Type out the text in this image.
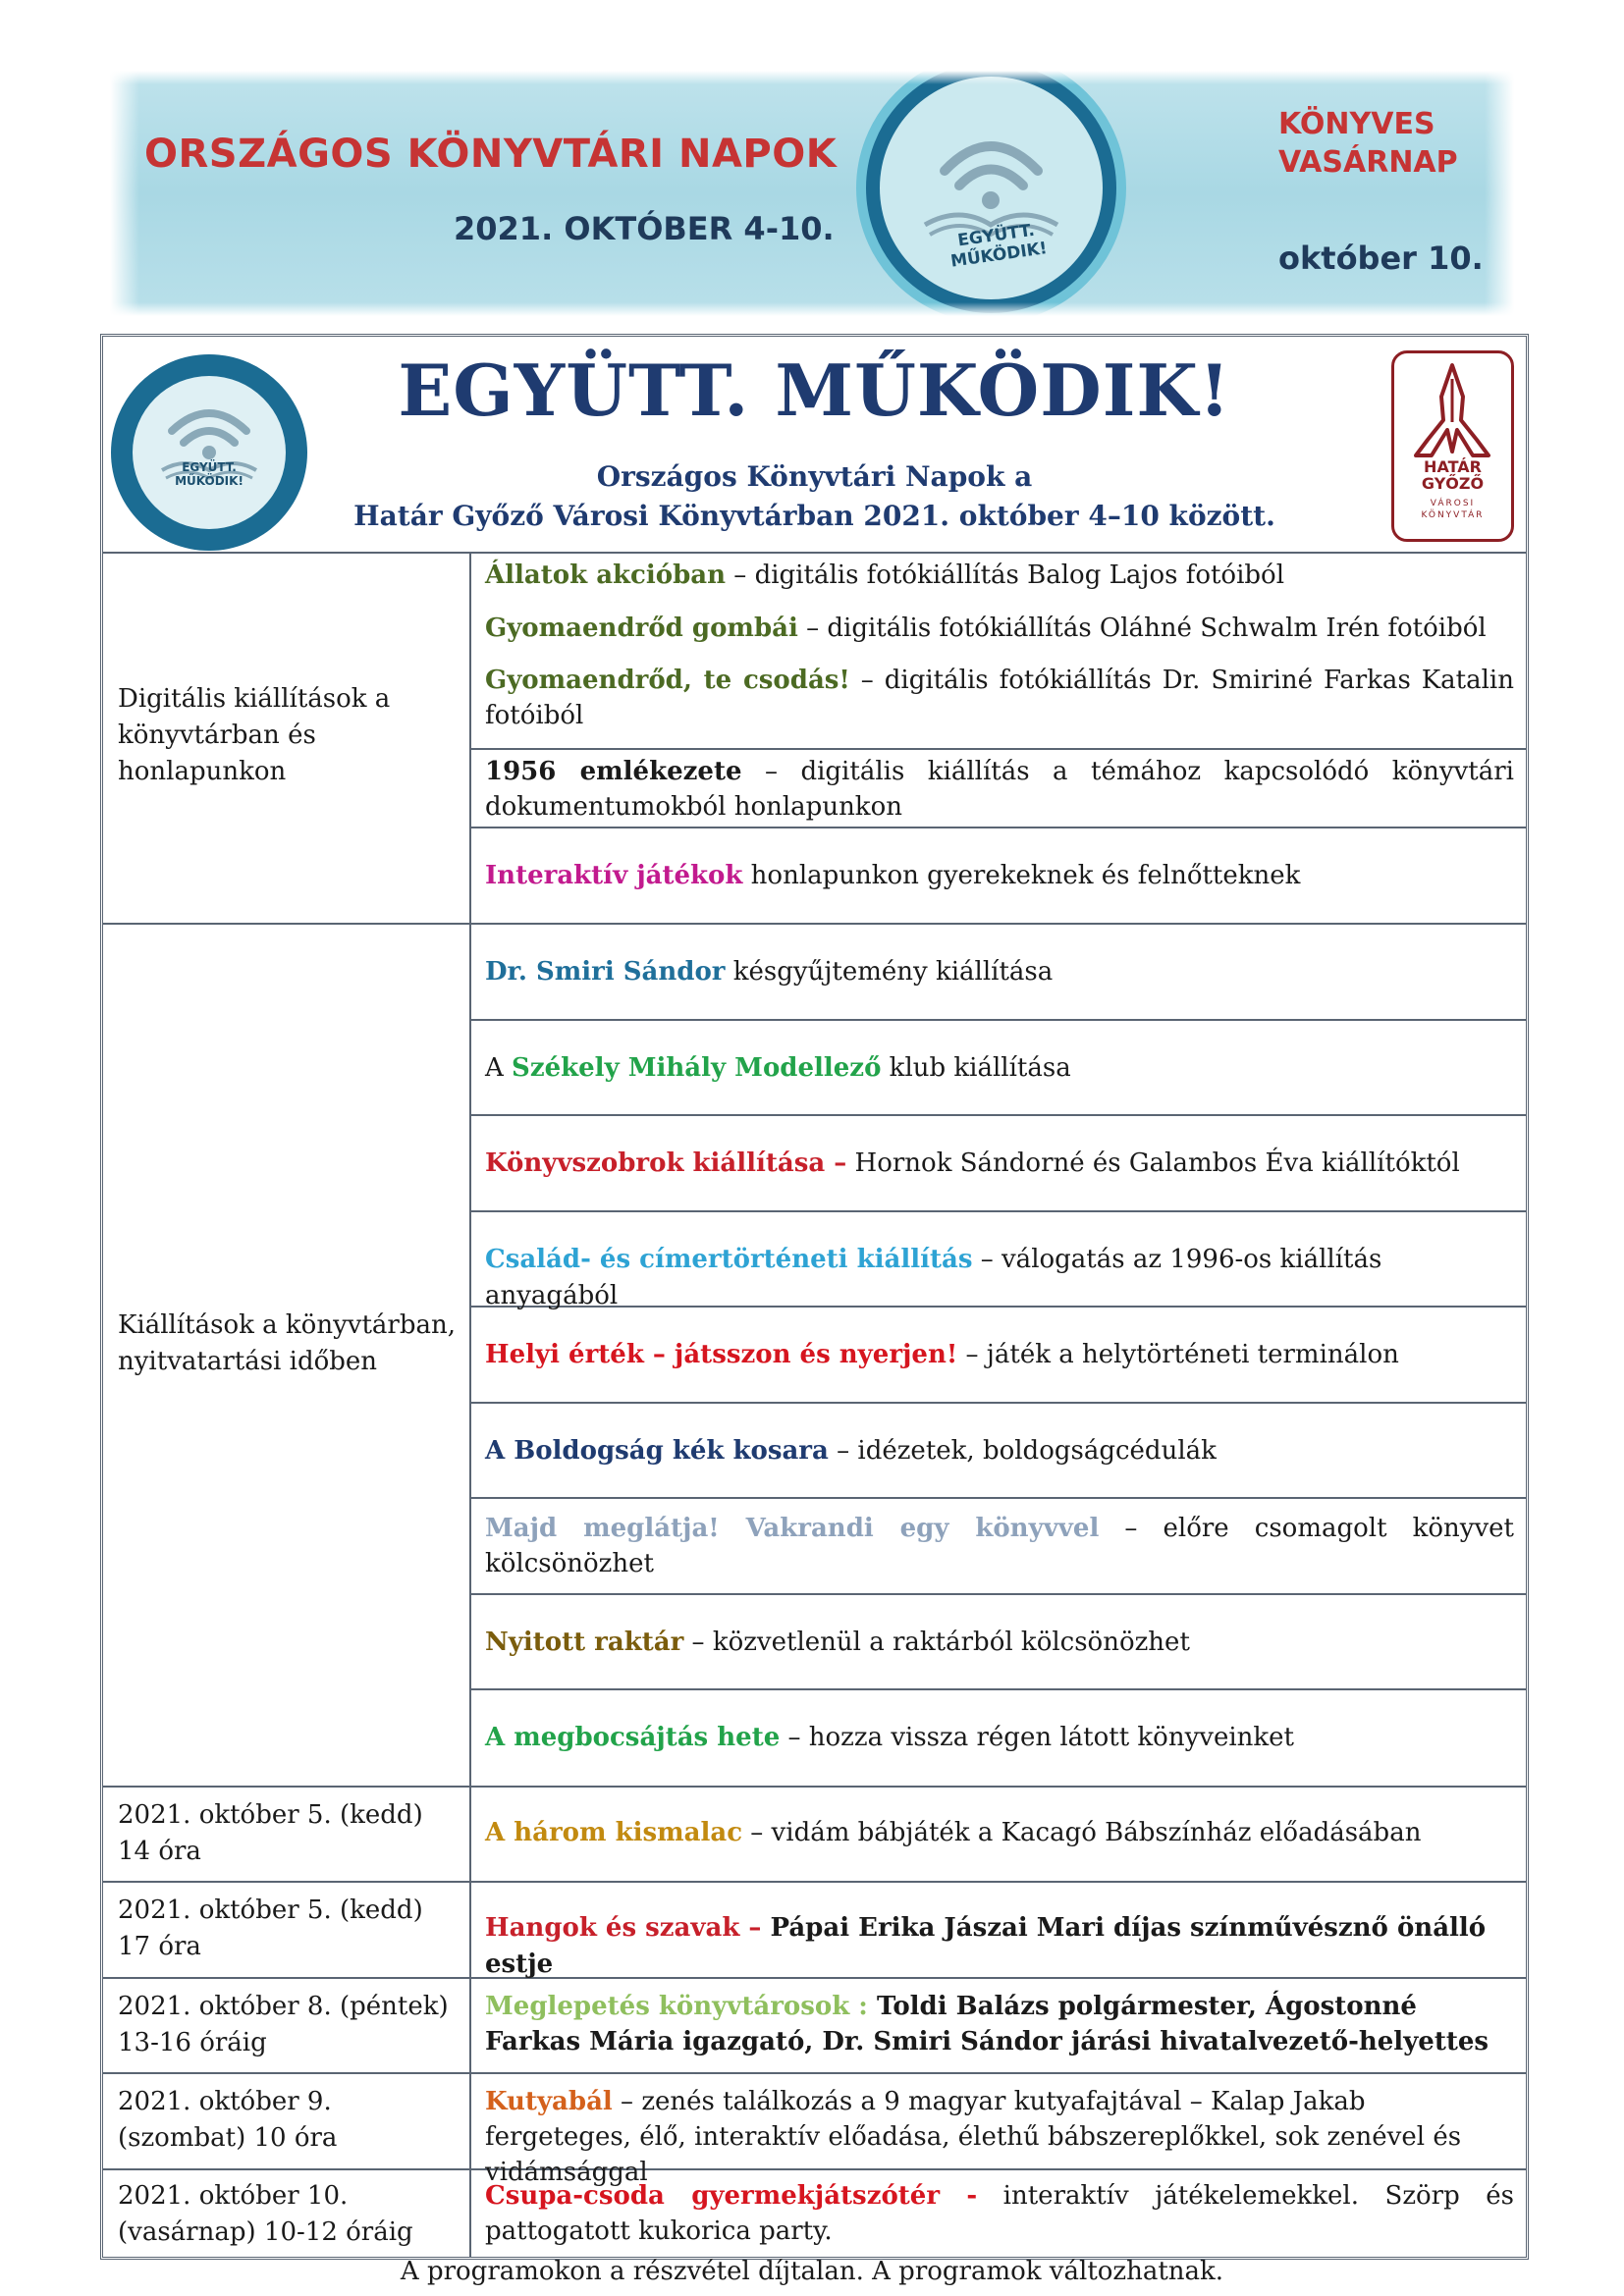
ORSZÁGOS KÖNYVTÁRI NAPOK
2021. OKTÓBER 4-10.	EGYÜTT. MŰKÖDIK!
KÖNYVES
VASÁRNAP
október 10.
EGYÜTT. MŰKÖDIK!
EGYÜTT. MŰKÖDIK!
Országos Könyvtári Napok a
Határ Győző Városi Könyvtárban 2021. október 4–10 között.
HATÁR
GYŐZŐ
VÁROSI
KÖNYVTÁR
Digitális kiállítások a könyvtárban és honlapunkon
Kiállítások a könyvtárban, nyitvatartási időben
2021. október 5. (kedd) 14 óra
2021. október 5. (kedd) 17 óra
2021. október 8. (péntek) 13-16 óráig
2021. október 9. (szombat) 10 óra
2021. október 10. (vasárnap) 10-12 óráig
Állatok akcióban – digitális fotókiállítás Balog Lajos fotóiból
Gyomaendrőd gombái – digitális fotókiállítás Oláhné Schwalm Irén fotóiból
Gyomaendrőd, te csodás! – digitális fotókiállítás Dr. Smiriné Farkas Katalin fotóiból
1956 emlékezete – digitális kiállítás a témához kapcsolódó könyvtári dokumentumokból honlapunkon
Interaktív játékok honlapunkon gyerekeknek és felnőtteknek
Dr. Smiri Sándor késgyűjtemény kiállítása
A Székely Mihály Modellező klub kiállítása
Könyvszobrok kiállítása – Hornok Sándorné és Galambos Éva kiállítóktól
Család- és címertörténeti kiállítás – válogatás az 1996-os kiállítás anyagából
Helyi érték – játsszon és nyerjen! – játék a helytörténeti terminálon
A Boldogság kék kosara – idézetek, boldogságcédulák
Majd meglátja! Vakrandi egy könyvvel – előre csomagolt könyvet kölcsönözhet
Nyitott raktár – közvetlenül a raktárból kölcsönözhet
A megbocsájtás hete – hozza vissza régen látott könyveinket
A három kismalac – vidám bábjáték a Kacagó Bábszínház előadásában
Hangok és szavak – Pápai Erika Jászai Mari díjas színművésznő önálló estje
Meglepetés könyvtárosok : Toldi Balázs polgármester, Ágostonné Farkas Mária igazgató, Dr. Smiri Sándor járási hivatalvezető-helyettes
Kutyabál – zenés találkozás a 9 magyar kutyafajtával – Kalap Jakab fergeteges, élő, interaktív előadása, élethű bábszereplőkkel, sok zenével és vidámsággal
Csupa-csoda gyermekjátszótér - interaktív játékelemekkel. Szörp és pattogatott kukorica party.
A programokon a részvétel díjtalan. A programok változhatnak.
